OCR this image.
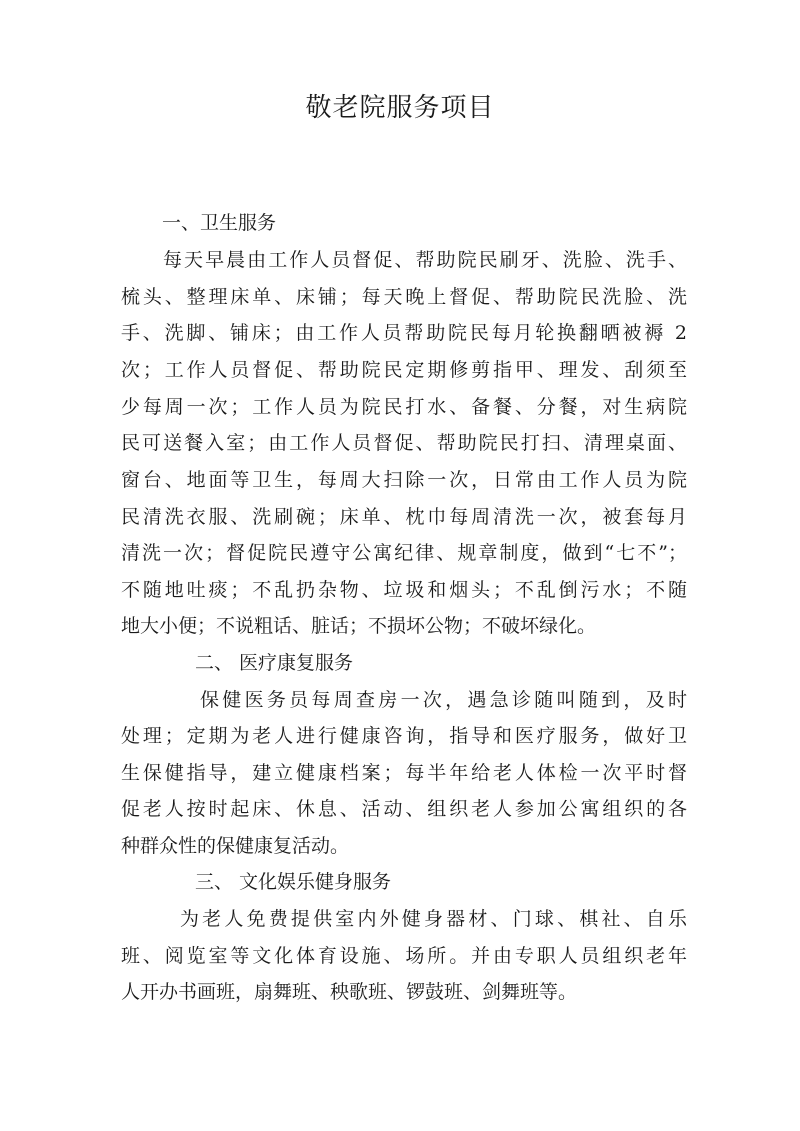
敬老院服务项目
一、卫生服务
每天早晨由工作人员督促、帮助院民刷牙、洗脸、洗手、
梳头、整理床单、床铺；每天晚上督促、帮助院民洗脸、洗
手、洗脚、铺床；由工作人员帮助院民每月轮换翻晒被褥 2
次；工作人员督促、帮助院民定期修剪指甲、理发、刮须至
少每周一次；工作人员为院民打水、备餐、分餐，对生病院
民可送餐入室；由工作人员督促、帮助院民打扫、清理桌面、
窗台、地面等卫生，每周大扫除一次，日常由工作人员为院
民清洗衣服、洗刷碗；床单、枕巾每周清洗一次，被套每月
清洗一次；督促院民遵守公寓纪律、规章制度，做到“七不”；
不随地吐痰；不乱扔杂物、垃圾和烟头；不乱倒污水；不随
地大小便；不说粗话、脏话；不损坏公物；不破坏绿化。
二、 医疗康复服务
保健医务员每周查房一次，遇急诊随叫随到，及时
处理；定期为老人进行健康咨询，指导和医疗服务，做好卫
生保健指导，建立健康档案；每半年给老人体检一次平时督
促老人按时起床、休息、活动、组织老人参加公寓组织的各
种群众性的保健康复活动。
三、 文化娱乐健身服务
为老人免费提供室内外健身器材、门球、棋社、自乐
班、阅览室等文化体育设施、场所。并由专职人员组织老年
人开办书画班，扇舞班、秧歌班、锣鼓班、剑舞班等。
